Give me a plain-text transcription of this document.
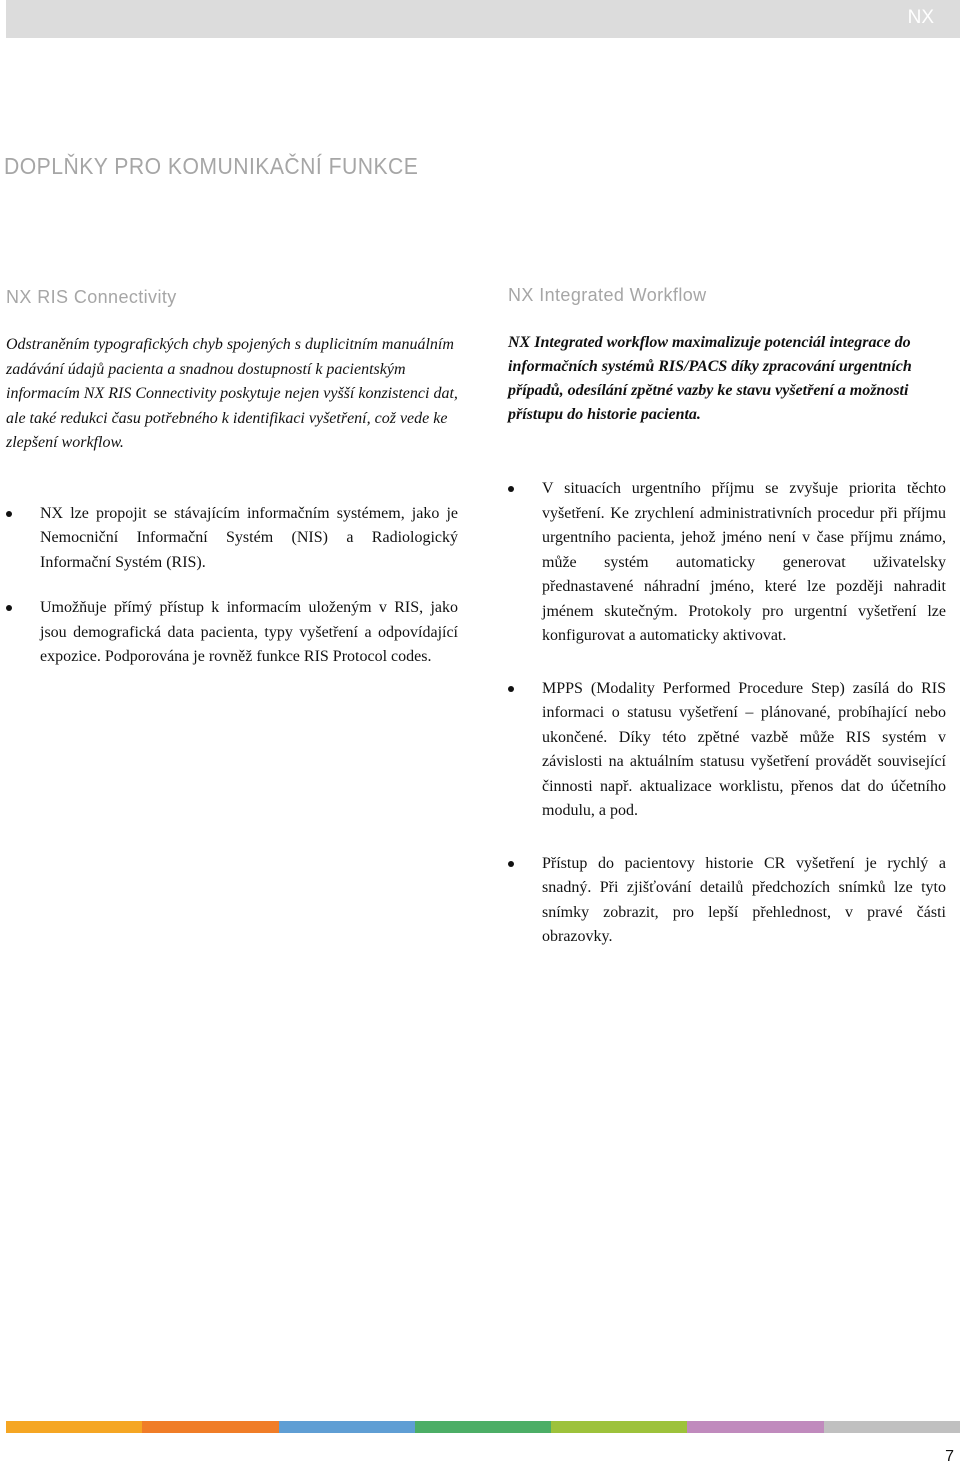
NX
DOPLŇKY PRO KOMUNIKAČNÍ FUNKCE
NX RIS Connectivity	NX Integrated Workflow

Odstraněním typografických chyb spojených s duplicitním manuálním zadávání údajů pacienta a snadnou dostupností k pacientským informacím NX RIS Connectivity poskytuje nejen vyšší konzistenci dat, ale také redukci času potřebného k identifikaci vyšetření, což vede ke zlepšení workflow.

NX lze propojit se stávajícím informačním systémem, jako je Nemocniční Informační Systém (NIS) a Radiologický Informační Systém (RIS).
Umožňuje přímý přístup k informacím uloženým v RIS, jako jsou demografická data pacienta, typy vyšetření a odpovídající expozice. Podporována je rovněž funkce RIS Protocol codes.

NX Integrated workflow maximalizuje potenciál integrace do informačních systémů RIS/PACS díky zpracování urgentních případů, odesílání zpětné vazby ke stavu vyšetření a možnosti přístupu do historie pacienta.

V situacích urgentního příjmu se zvyšuje priorita těchto vyšetření. Ke zrychlení administrativních procedur při příjmu urgentního pacienta, jehož jméno není v čase příjmu známo, může systém automaticky generovat uživatelsky přednastavené náhradní jméno, které lze později nahradit jménem skutečným. Protokoly pro urgentní vyšetření lze konfigurovat a automaticky aktivovat.
MPPS (Modality Performed Procedure Step) zasílá do RIS informaci o statusu vyšetření – plánované, probíhající nebo ukončené. Díky této zpětné vazbě může RIS systém v závislosti na aktuálním statusu vyšetření provádět související činnosti např. aktualizace worklistu, přenos dat do účetního modulu, a pod.
Přístup do pacientovy historie CR vyšetření je rychlý a snadný. Při zjišťování detailů předchozích snímků lze tyto snímky zobrazit, pro lepší přehlednost, v pravé části obrazovky.
7
